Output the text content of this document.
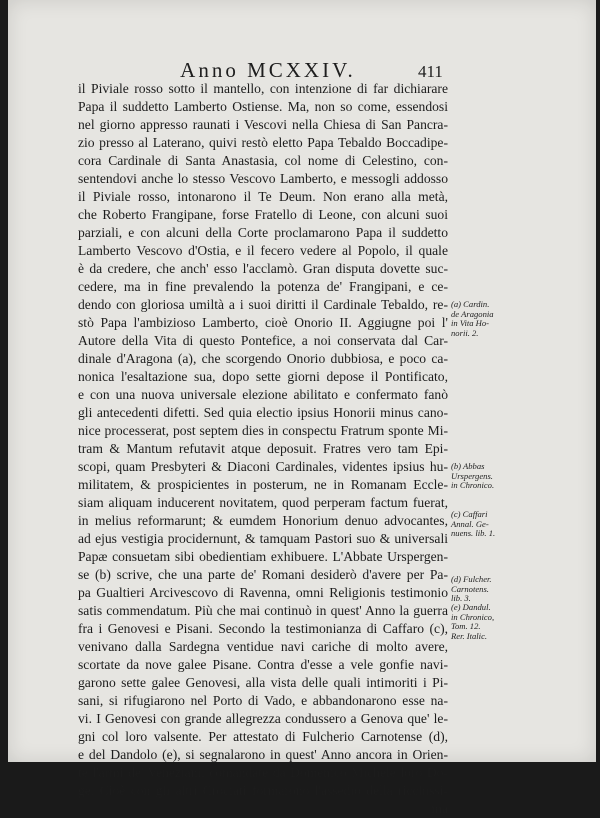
Anno MCXXIV.	411
il Piviale rosso sotto il mantello, con intenzione di far dichiarare
Papa il suddetto Lamberto Ostiense. Ma, non so come, essendosi
nel giorno appresso raunati i Vescovi nella Chiesa di San Pancra-
zio presso al Laterano, quivi restò eletto Papa Tebaldo Boccadipe-
cora Cardinale di Santa Anastasia, col nome di Celestino, con-
sentendovi anche lo stesso Vescovo Lamberto, e messogli addosso
il Piviale rosso, intonarono il Te Deum. Non erano alla metà,
che Roberto Frangipane, forse Fratello di Leone, con alcuni suoi
parziali, e con alcuni della Corte proclamarono Papa il suddetto
Lamberto Vescovo d'Ostia, e il fecero vedere al Popolo, il quale
è da credere, che anch' esso l'acclamò. Gran disputa dovette suc-
cedere, ma in fine prevalendo la potenza de' Frangipani, e ce-
dendo con gloriosa umiltà a i suoi diritti il Cardinale Tebaldo, re-
stò Papa l'ambizioso Lamberto, cioè Onorio II. Aggiugne poi l'
Autore della Vita di questo Pontefice, a noi conservata dal Car-
dinale d'Aragona (a), che scorgendo Onorio dubbiosa, e poco ca-
nonica l'esaltazione sua, dopo sette giorni depose il Pontificato,
e con una nuova universale elezione abilitato e confermato fanò
gli antecedenti difetti. Sed quia electio ipsius Honorii minus cano-
nice processerat, post septem dies in conspectu Fratrum sponte Mi-
tram & Mantum refutavit atque deposuit. Fratres vero tam Epi-
scopi, quam Presbyteri & Diaconi Cardinales, videntes ipsius hu-
militatem, & prospicientes in posterum, ne in Romanam Eccle-
siam aliquam inducerent novitatem, quod perperam factum fuerat,
in melius reformarunt; & eumdem Honorium denuo advocantes,
ad ejus vestigia procidernunt, & tamquam Pastori suo & universali
Papæ consuetam sibi obedientiam exhibuere. L'Abbate Urspergen-
se (b) scrive, che una parte de' Romani desiderò d'avere per Pa-
pa Gualtieri Arcivescovo di Ravenna, omni Religionis testimonio
satis commendatum. Più che mai continuò in quest' Anno la guerra
fra i Genovesi e Pisani. Secondo la testimonianza di Caffaro (c),
venivano dalla Sardegna ventidue navi cariche di molto avere,
scortate da nove galee Pisane. Contra d'esse a vele gonfie navi-
garono sette galee Genovesi, alla vista delle quali intimoriti i Pi-
sani, si rifugiarono nel Porto di Vado, e abbandonarono esse na-
vi. I Genovesi con grande allegrezza condussero a Genova que' le-
gni col loro valsente. Per attestato di Fulcherio Carnotense (d),
e del Dandolo (e), si segnalarono in quest' Anno ancora in Orien-
te l'armi de' Veneziani, comandate da Domenico Michele loro Do-
ge. Cioè con gli altri Crociati formarono l'assedio della ricchissi-
ma
(a) Cardin.
de Aragonia
in Vita Ho-
norii. 2.
(b) Abbas
Urspergens.
in Chronico.
(c) Caffari
Annal. Ge-
nuens. lib. 1.
(d) Fulcher.
Carnotens.
lib. 3.
(e) Dandul.
in Chronico,
Tom. 12.
Rer. Italic.
